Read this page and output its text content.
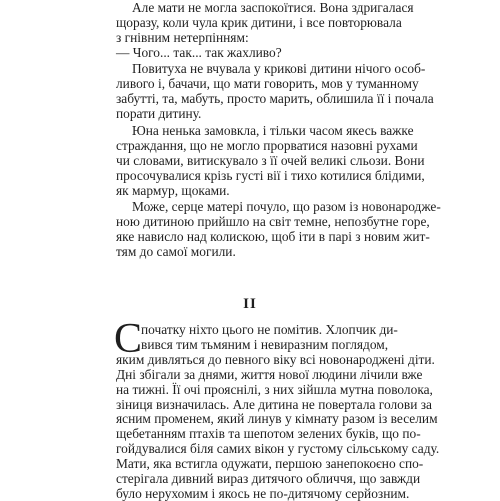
Але мати не могла заспокоїтися. Вона здригалася
щоразу, коли чула крик дитини, і все повторювала
з гнівним нетерпінням:
— Чого... так... так жахливо?
Повитуха не вчувала у крикові дитини нічого особ-
ливого і, бачачи, що мати говорить, мов у туманному
забутті, та, мабуть, просто марить, облишила її і почала
порати дитину.
Юна ненька замовкла, і тільки часом якесь важке
страждання, що не могло прорватися назовні рухами
чи словами, витискувало з її очей великі сльози. Вони
просочувалися крізь густі вії і тихо котилися блідими,
як мармур, щоками.
Може, серце матері почуло, що разом із новонародже-
ною дитиною прийшло на світ темне, непозбутне горе,
яке нависло над колискою, щоб іти в парі з новим жит-
тям до самої могили.
II
С
початку ніхто цього не помітив. Хлопчик ди-
вився тим тьмяним і невиразним поглядом,
яким дивляться до певного віку всі новонароджені діти.
Дні збігали за днями, життя нової людини лічили вже
на тижні. Її очі прояснілі, з них зійшла мутна поволока,
зіниця визначилась. Але дитина не повертала голови за
ясним променем, який линув у кімнату разом із веселим
щебетанням птахів та шепотом зелених буків, що по-
гойдувалися біля самих вікон у густому сільському саду.
Мати, яка встигла одужати, першою занепокоєно спо-
стерігала дивний вираз дитячого обличчя, що завжди
було нерухомим і якось не по-дитячому серйозним.
